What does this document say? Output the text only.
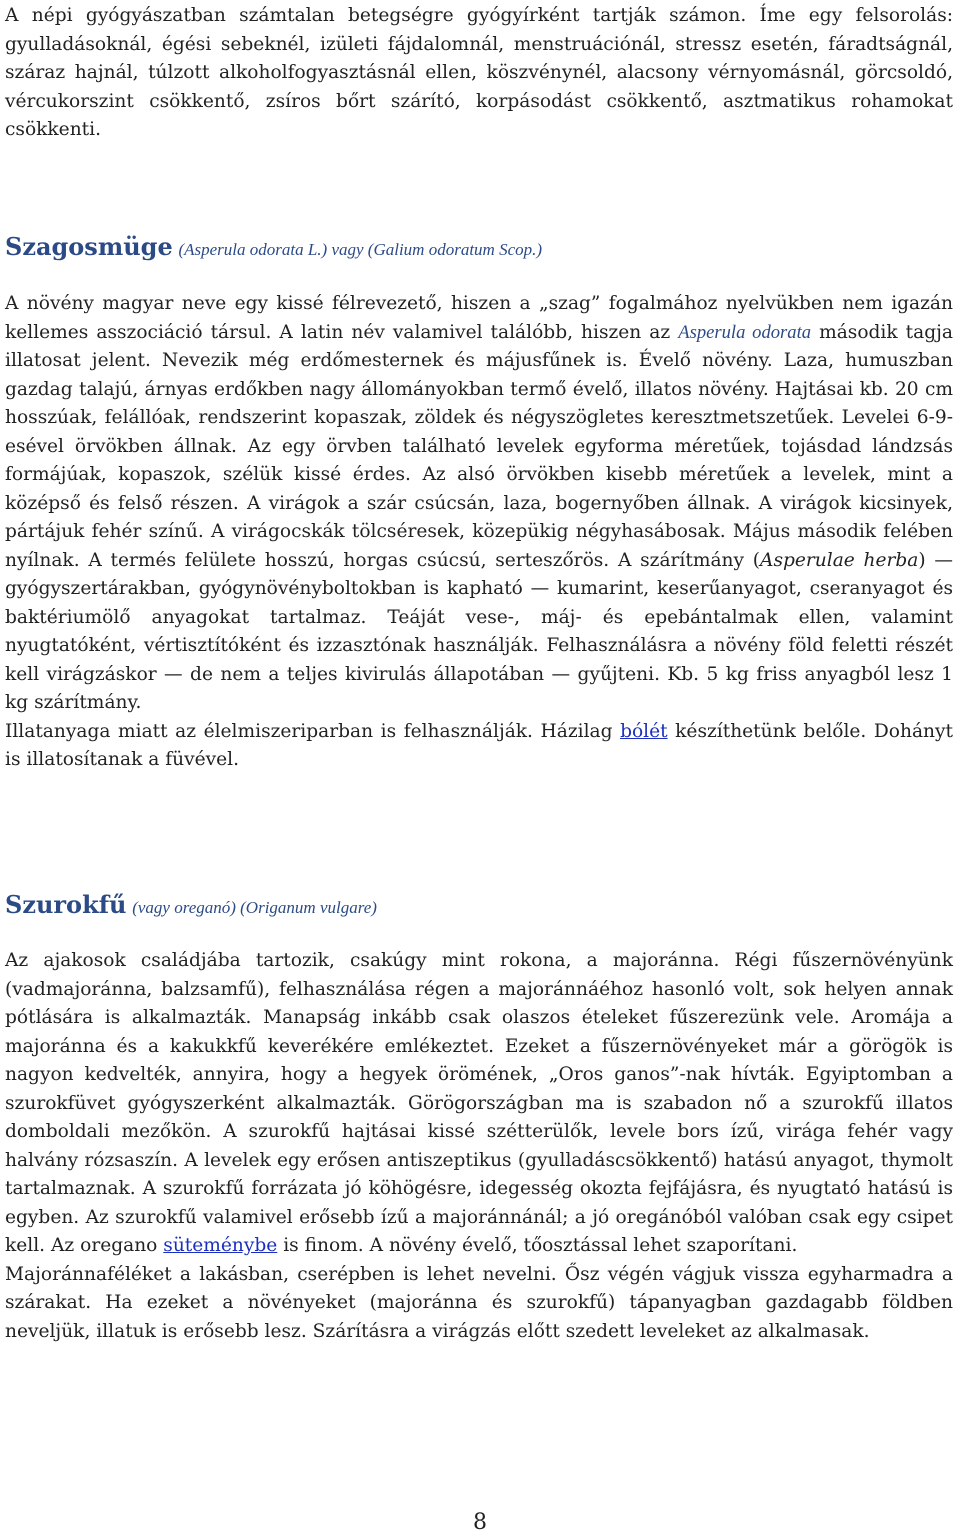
A népi gyógyászatban számtalan betegségre gyógyírként tartják számon. Íme egy felsorolás: gyulladásoknál, égési sebeknél, izületi fájdalomnál, menstruációnál, stressz esetén, fáradtságnál, száraz hajnál, túlzott alkoholfogyasztásnál ellen, köszvénynél, alacsony vérnyomásnál, görcsoldó, vércukorszint csökkentő, zsíros bőrt szárító, korpásodást csökkentő, asztmatikus rohamokat csökkenti.

Szagosmüge (Asperula odorata L.) vagy (Galium odoratum Scop.)

A növény magyar neve egy kissé félrevezető, hiszen a „szag” fogalmához nyelvükben nem igazán kellemes asszociáció társul. A latin név valamivel találóbb, hiszen az Asperula odorata második tagja illatosat jelent. Nevezik még erdőmesternek és májusfűnek is. Évelő növény. Laza, humuszban gazdag talajú, árnyas erdőkben nagy állományokban termő évelő, illatos növény. Hajtásai kb. 20 cm hosszúak, felállóak, rendszerint kopaszak, zöldek és négyszögletes keresztmetszetűek. Levelei 6-9-esével örvökben állnak. Az egy örvben található levelek egyforma méretűek, tojásdad lándzsás formájúak, kopaszok, szélük kissé érdes. Az alsó örvökben kisebb méretűek a levelek, mint a középső és felső részen. A virágok a szár csúcsán, laza, bogernyőben állnak. A virágok kicsinyek, pártájuk fehér színű. A virágocskák tölcséresek, közepükig négyhasábosak. Május második felében nyílnak. A termés felülete hosszú, horgas csúcsú, serteszőrös. A szárítmány (Asperulae herba) — gyógyszertárakban, gyógynövényboltokban is kapható — kumarint, keserűanyagot, cseranyagot és baktériumölő anyagokat tartalmaz. Teáját vese-, máj- és epebántalmak ellen, valamint nyugtatóként, vértisztítóként és izzasztónak használják. Felhasználásra a növény föld feletti részét kell virágzáskor — de nem a teljes kivirulás állapotában — gyűjteni. Kb. 5 kg friss anyagból lesz 1 kg szárítmány.

Illatanyaga miatt az élelmiszeriparban is felhasználják. Házilag bólét készíthetünk belőle. Dohányt is illatosítanak a füvével.

Szurokfű (vagy oreganó) (Origanum vulgare)

Az ajakosok családjába tartozik, csakúgy mint rokona, a majoránna. Régi fűszernövényünk (vadmajoránna, balzsamfű), felhasználása régen a majoránnáéhoz hasonló volt, sok helyen annak pótlására is alkalmazták. Manapság inkább csak olaszos ételeket fűszerezünk vele. Aromája a majoránna és a kakukkfű keverékére emlékeztet. Ezeket a fűszernövényeket már a görögök is nagyon kedvelték, annyira, hogy a hegyek örömének, „Oros ganos”-nak hívták. Egyiptomban a szurokfüvet gyógyszerként alkalmazták. Görögországban ma is szabadon nő a szurokfű illatos domboldali mezőkön. A szurokfű hajtásai kissé szétterülők, levele bors ízű, virága fehér vagy halvány rózsaszín. A levelek egy erősen antiszeptikus (gyulladáscsökkentő) hatású anyagot, thymolt tartalmaznak. A szurokfű forrázata jó köhögésre, idegesség okozta fejfájásra, és nyugtató hatású is egyben. Az szurokfű valamivel erősebb ízű a majoránnánál; a jó oregánóból valóban csak egy csipet kell. Az oregano süteménybe is finom. A növény évelő, tőosztással lehet szaporítani.

Majoránnaféléket a lakásban, cserépben is lehet nevelni. Ősz végén vágjuk vissza egyharmadra a szárakat. Ha ezeket a növényeket (majoránna és szurokfű) tápanyagban gazdagabb földben neveljük, illatuk is erősebb lesz. Szárításra a virágzás előtt szedett leveleket az alkalmasak.

8
